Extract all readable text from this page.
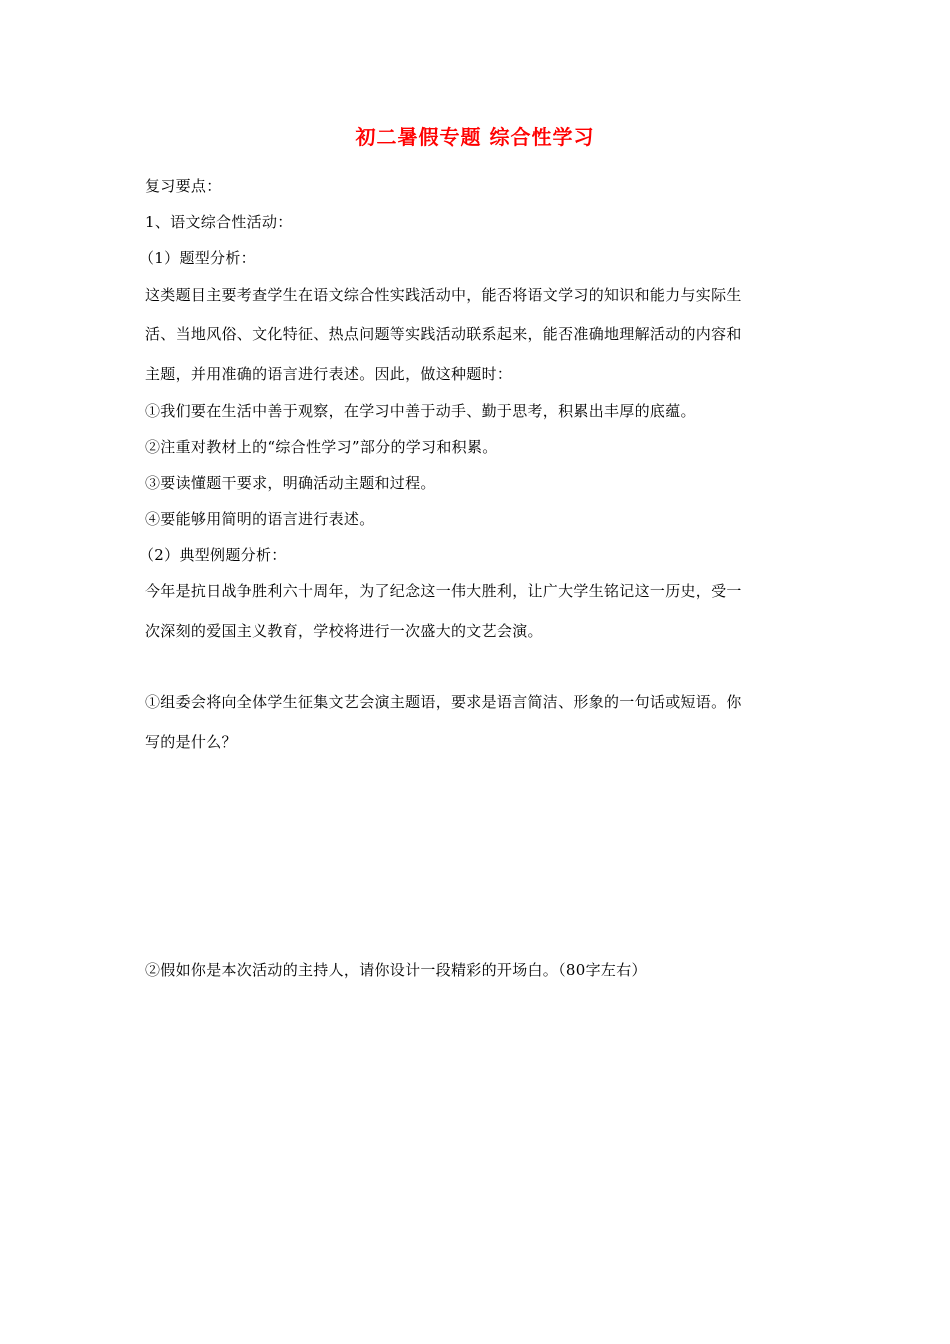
初二暑假专题 综合性学习
复习要点：
1、语文综合性活动：
（1）题型分析：
这类题目主要考查学生在语文综合性实践活动中，能否将语文学习的知识和能力与实际生
活、当地风俗、文化特征、热点问题等实践活动联系起来，能否准确地理解活动的内容和
主题，并用准确的语言进行表述。因此，做这种题时：
①我们要在生活中善于观察，在学习中善于动手、勤于思考，积累出丰厚的底蕴。
②注重对教材上的“综合性学习”部分的学习和积累。
③要读懂题干要求，明确活动主题和过程。
④要能够用简明的语言进行表述。
（2）典型例题分析：
今年是抗日战争胜利六十周年，为了纪念这一伟大胜利，让广大学生铭记这一历史，受一
次深刻的爱国主义教育，学校将进行一次盛大的文艺会演。
①组委会将向全体学生征集文艺会演主题语，要求是语言简洁、形象的一句话或短语。你
写的是什么？
②假如你是本次活动的主持人，请你设计一段精彩的开场白。（80字左右）
